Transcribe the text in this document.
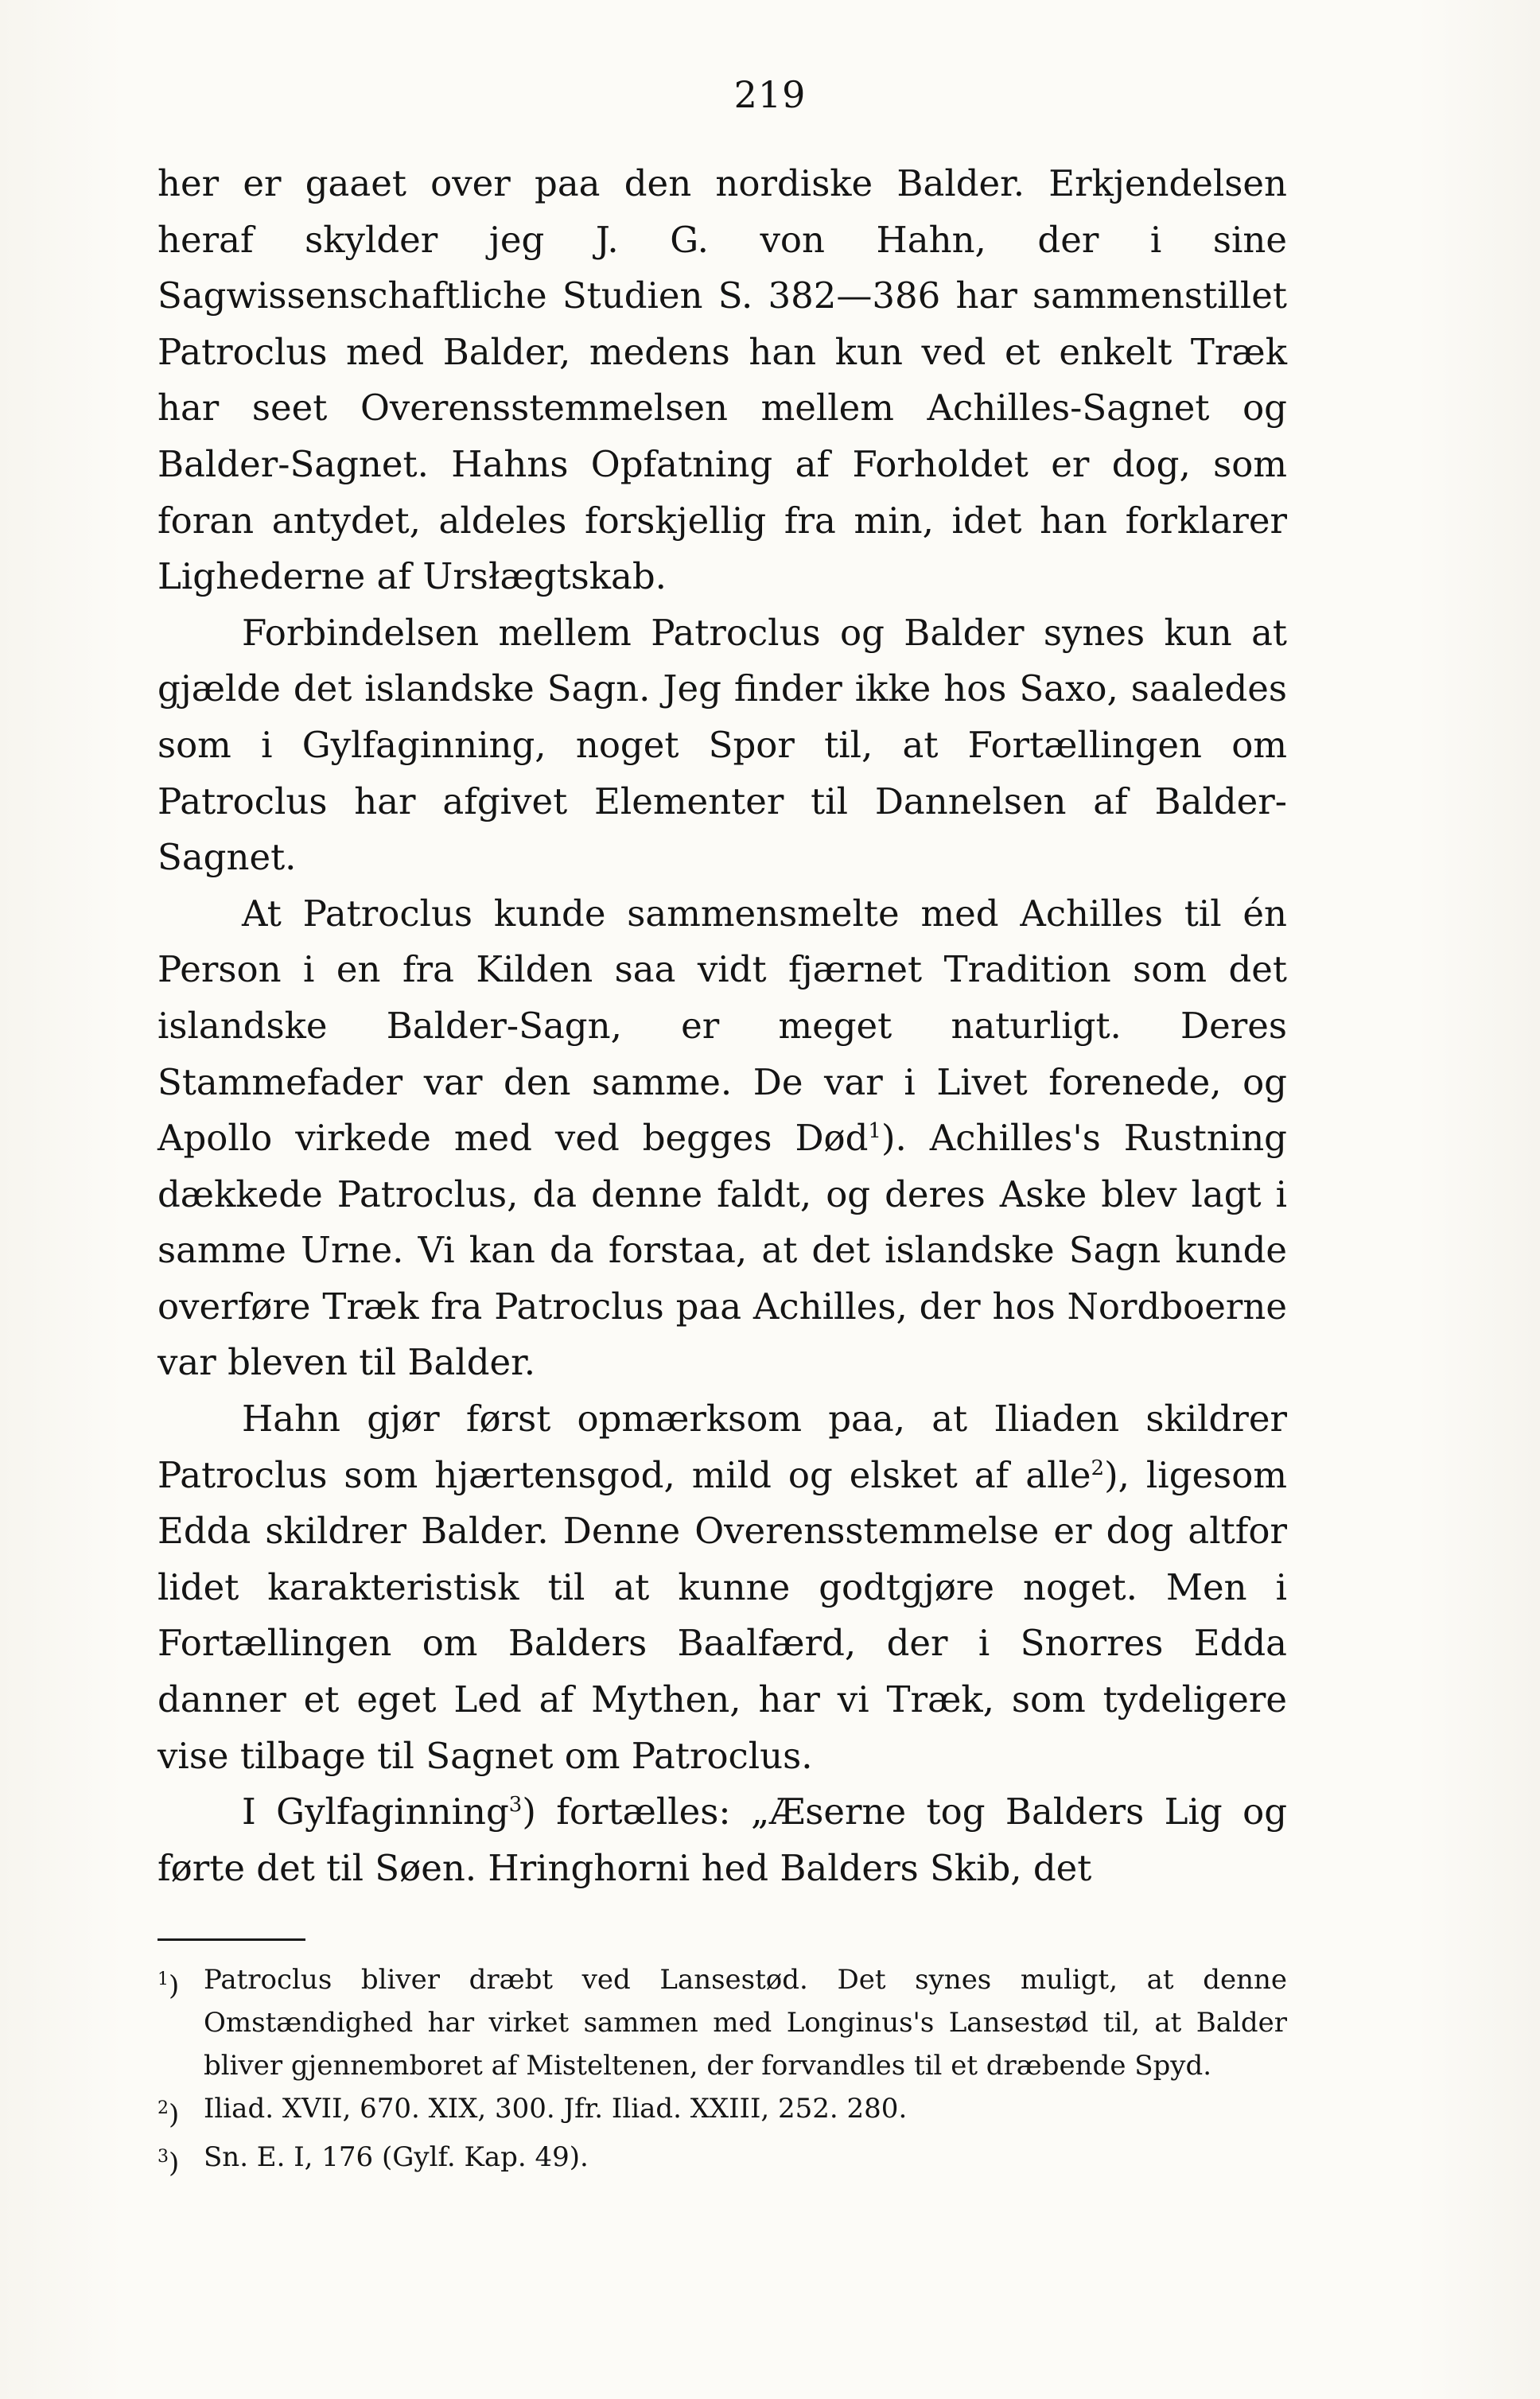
219

her er gaaet over paa den nordiske Balder. Erkjendelsen heraf skylder jeg J. G. von Hahn, der i sine Sagwissenschaftliche Studien S. 382—386 har sammenstillet Patroclus med Balder, medens han kun ved et enkelt Træk har seet Overensstemmelsen mellem Achilles-Sagnet og Balder-Sagnet. Hahns Opfatning af Forholdet er dog, som foran antydet, aldeles forskjellig fra min, idet han forklarer Lighederne af Ursłægtskab.

Forbindelsen mellem Patroclus og Balder synes kun at gjælde det islandske Sagn. Jeg finder ikke hos Saxo, saaledes som i Gylfaginning, noget Spor til, at Fortællingen om Patroclus har afgivet Elementer til Dannelsen af Balder-Sagnet.

At Patroclus kunde sammensmelte med Achilles til én Person i en fra Kilden saa vidt fjærnet Tradition som det islandske Balder-Sagn, er meget naturligt. Deres Stammefader var den samme. De var i Livet forenede, og Apollo virkede med ved begges Død$^1$). Achilles's Rustning dækkede Patroclus, da denne faldt, og deres Aske blev lagt i samme Urne. Vi kan da forstaa, at det islandske Sagn kunde overføre Træk fra Patroclus paa Achilles, der hos Nordboerne var bleven til Balder.

Hahn gjør først opmærksom paa, at Iliaden skildrer Patroclus som hjærtensgod, mild og elsket af alle$^2$), ligesom Edda skildrer Balder. Denne Overensstemmelse er dog altfor lidet karakteristisk til at kunne godtgjøre noget. Men i Fortællingen om Balders Baalfærd, der i Snorres Edda danner et eget Led af Mythen, har vi Træk, som tydeligere vise tilbage til Sagnet om Patroclus.

I Gylfaginning$^3$) fortælles: „Æserne tog Balders Lig og førte det til Søen. Hringhorni hed Balders Skib, det

$^1$) Patroclus bliver dræbt ved Lansestød. Det synes muligt, at denne Omstændighed har virket sammen med Longinus's Lansestød til, at Balder bliver gjennemboret af Misteltenen, der forvandles til et dræbende Spyd.
$^2$) Iliad. XVII, 670. XIX, 300. Jfr. Iliad. XXIII, 252. 280.
$^3$) Sn. E. I, 176 (Gylf. Kap. 49).
